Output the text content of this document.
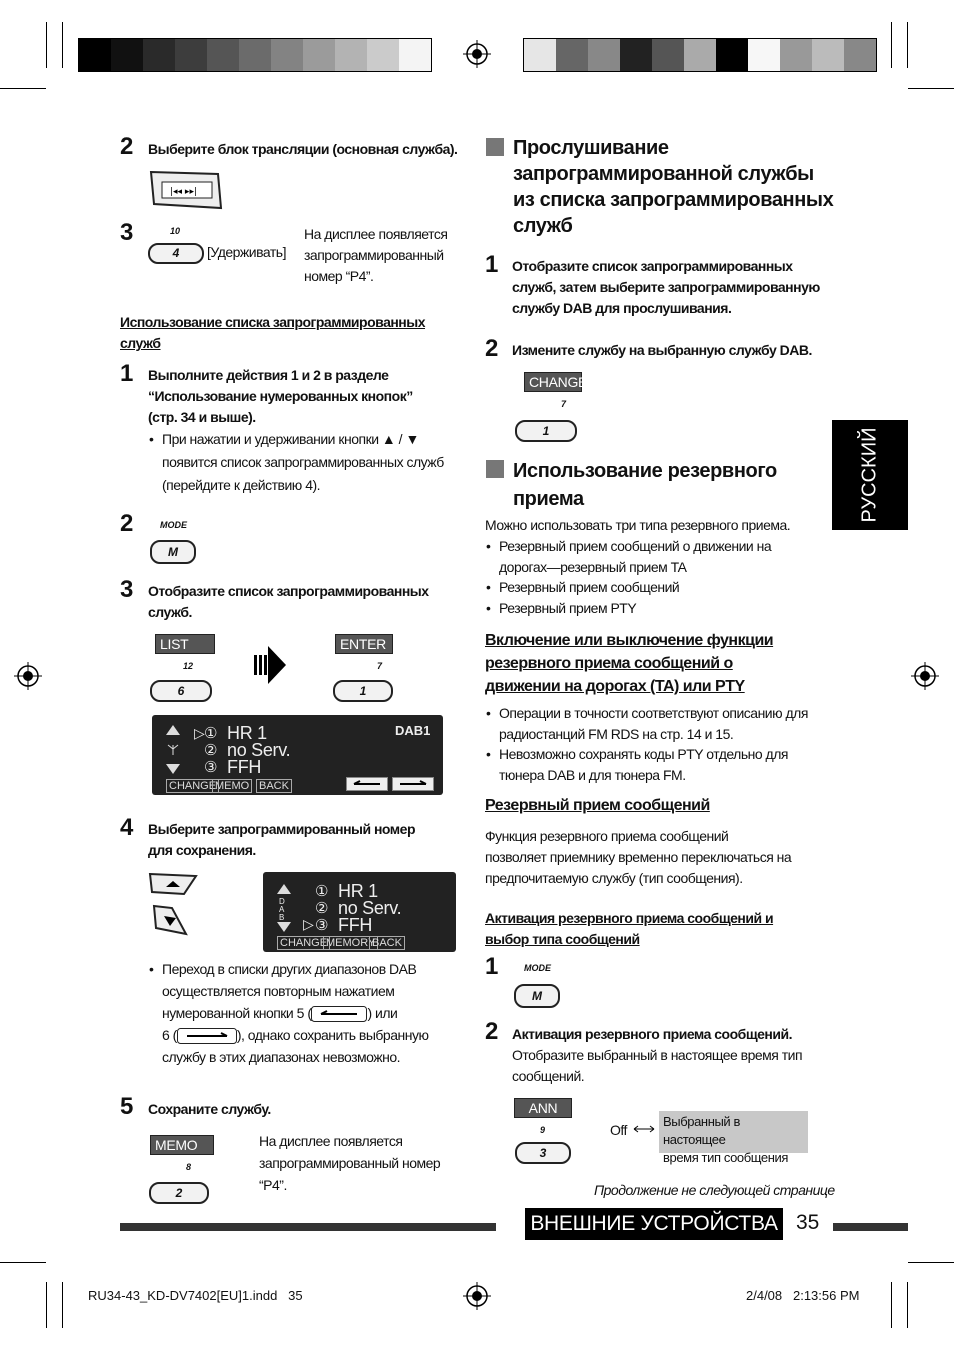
РУССКИЙ
2 Выберите блок трансляции (основная служба).
|◂◂ ▸▸|
3	10
4	[Удерживать]
На дисплее появляется
запрограммированный
номер “P4”.
Использование списка запрограммированных
служб
1 Выполните действия 1 и 2 в разделе
“Использование нумерованных кнопок”
(стр. 34 и выше).
• При нажатии и удерживании кнопки ▲ / ▼
появится список запрограммированных служб
(перейдите к действию 4).
2	MODE
M
3 Отобразите список запрограммированных
служб.
LIST
12
6
ENTER
7
1
▷ ①
②
③
HR 1
no Serv.
FFH
DAB1
CHANGE
MEMO BACK
4 Выберите запрограммированный номер
для сохранения.
DAB
①
②
▷ ③
HR 1
no Serv.
FFH
CHANGE
MEMORY
BACK
• Переход в списки других диапазонов DAB
осуществляется повторным нажатием
нумерованной кнопки 5 (	) или
6 (	), однако сохранить выбранную
службу в этих диапазонах невозможно.
5 Сохраните службу.
MEMO
8
2
На дисплее появляется
запрограммированный номер
“P4”.
Прослушивание
запрограммированной службы
из списка запрограммированных
служб
1 Отобразите список запрограммированных
служб, затем выберите запрограммированную
службу DAB для прослушивания.
2 Измените службу на выбранную службу DAB.
CHANGE
7
1
Использование резервного
приема
Можно использовать три типа резервного приема.
• Резервный прием сообщений о движении на
дорогах—резервный прием TA
• Резервный прием сообщений
• Резервный прием PTY
Включение или выключение функции
резервного приема сообщений о
движении на дорогах (TA) или PTY
• Операции в точности соответствуют описанию для
радиостанций FM RDS на стр. 14 и 15.
• Невозможно сохранять коды PTY отдельно для
тюнера DAB и для тюнера FM.
Резервный прием сообщений
Функция резервного приема сообщений
позволяет приемнику временно переключаться на
предпочитаемую службу (тип сообщения).
Активация резервного приема сообщений и
выбор типа сообщений
1	MODE
M
2 Активация резервного приема сообщений.
Отобразите выбранный в настоящее время тип
сообщений.
ANN
9
3
Off
Выбранный в настоящее
время тип сообщения
Продолжение не следующей странице
ВНЕШНИЕ УСТРОЙСТВА 35
RU34-43_KD-DV7402[EU]1.indd   35	2/4/08   2:13:56 PM
